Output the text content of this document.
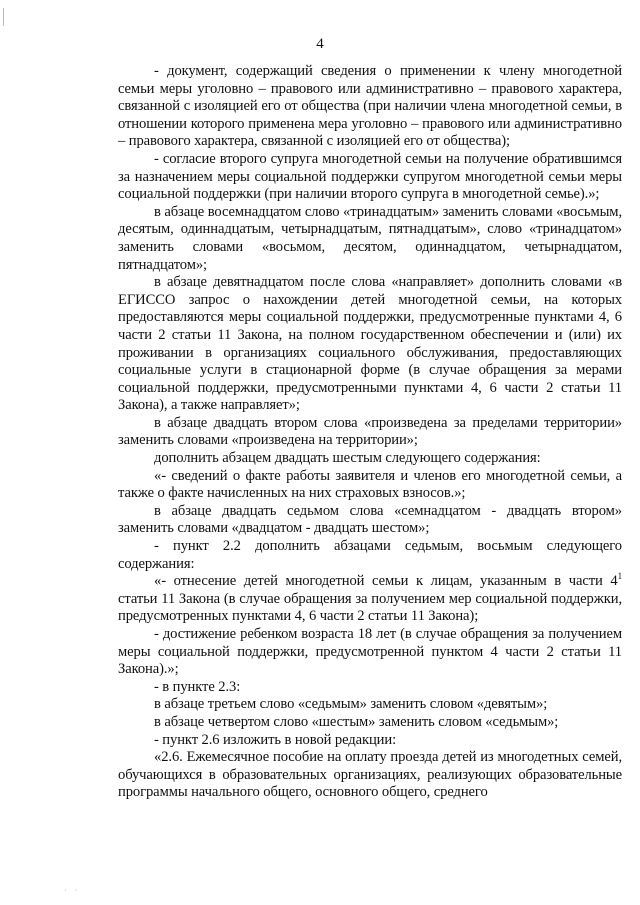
4

- документ, содержащий сведения о применении к члену многодетной семьи меры уголовно – правового или административно – правового характера, связанной с изоляцией его от общества (при наличии члена многодетной семьи, в отношении которого применена мера уголовно – правового или административно – правового характера, связанной с изоляцией его от общества);

- согласие второго супруга многодетной семьи на получение обратившимся за назначением меры социальной поддержки супругом многодетной семьи меры социальной поддержки (при наличии второго супруга в многодетной семье).»;

в абзаце восемнадцатом слово «тринадцатым» заменить словами «восьмым, десятым, одиннадцатым, четырнадцатым, пятнадцатым», слово «тринадцатом» заменить словами «восьмом, десятом, одиннадцатом, четырнадцатом, пятнадцатом»;

в абзаце девятнадцатом после слова «направляет» дополнить словами «в ЕГИССО запрос о нахождении детей многодетной семьи, на которых предоставляются меры социальной поддержки, предусмотренные пунктами 4, 6 части 2 статьи 11 Закона, на полном государственном обеспечении и (или) их проживании в организациях социального обслуживания, предоставляющих социальные услуги в стационарной форме (в случае обращения за мерами социальной поддержки, предусмотренными пунктами 4, 6 части 2 статьи 11 Закона), а также направляет»;

в абзаце двадцать втором слова «произведена за пределами территории» заменить словами «произведена на территории»;

дополнить абзацем двадцать шестым следующего содержания:

«- сведений о факте работы заявителя и членов его многодетной семьи, а также о факте начисленных на них страховых взносов.»;

в абзаце двадцать седьмом слова «семнадцатом - двадцать втором» заменить словами «двадцатом - двадцать шестом»;

- пункт 2.2 дополнить абзацами седьмым, восьмым следующего содержания:

«- отнесение детей многодетной семьи к лицам, указанным в части $4^1$ статьи 11 Закона (в случае обращения за получением мер социальной поддержки, предусмотренных пунктами 4, 6 части 2 статьи 11 Закона);

- достижение ребенком возраста 18 лет (в случае обращения за получением меры социальной поддержки, предусмотренной пунктом 4 части 2 статьи 11 Закона).»;

- в пункте 2.3:

в абзаце третьем слово «седьмым» заменить словом «девятым»;

в абзаце четвертом слово «шестым» заменить словом «седьмым»;

- пункт 2.6 изложить в новой редакции:

«2.6. Ежемесячное пособие на оплату проезда детей из многодетных семей, обучающихся в образовательных организациях, реализующих образовательные программы начального общего, основного общего, среднего

· ·
